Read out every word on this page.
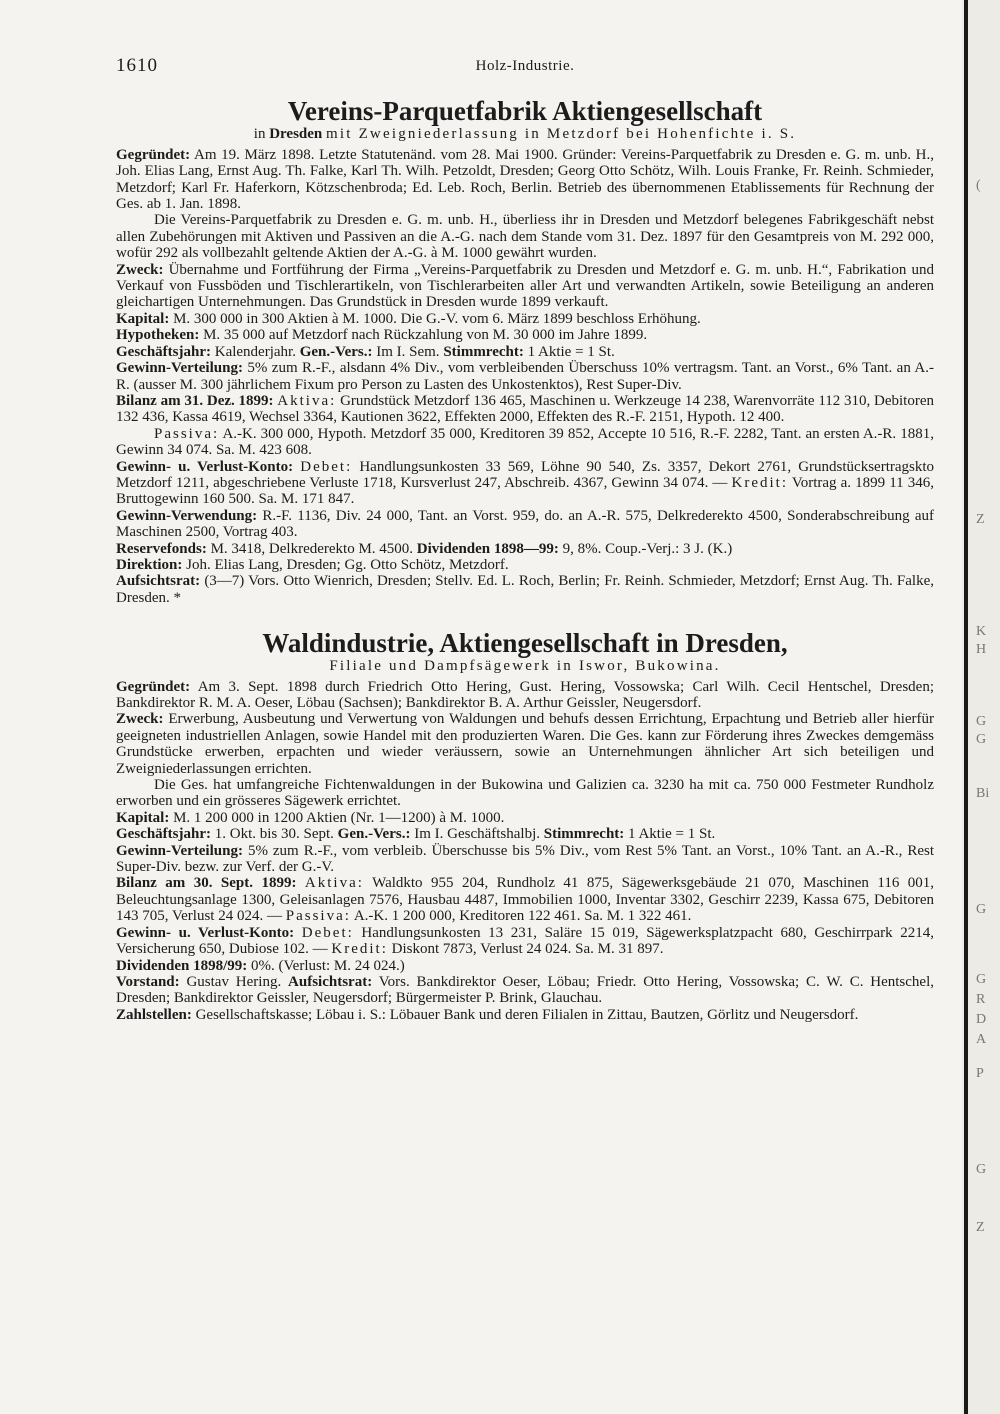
(
Z
K
H
G
G
Bi
G
G
R
D
A
P
G
Z
1610	Holz-Industrie.
Vereins-Parquetfabrik Aktiengesellschaft

in Dresden mit Zweigniederlassung in Metzdorf bei Hohenfichte i. S.

Gegründet: Am 19. März 1898. Letzte Statutenänd. vom 28. Mai 1900. Gründer: Vereins-Parquetfabrik zu Dresden e. G. m. unb. H., Joh. Elias Lang, Ernst Aug. Th. Falke, Karl Th. Wilh. Petzoldt, Dresden; Georg Otto Schötz, Wilh. Louis Franke, Fr. Reinh. Schmieder, Metzdorf; Karl Fr. Haferkorn, Kötzschenbroda; Ed. Leb. Roch, Berlin. Betrieb des übernommenen Etablissements für Rechnung der Ges. ab 1. Jan. 1898.

Die Vereins-Parquetfabrik zu Dresden e. G. m. unb. H., überliess ihr in Dresden und Metzdorf belegenes Fabrikgeschäft nebst allen Zubehörungen mit Aktiven und Passiven an die A.-G. nach dem Stande vom 31. Dez. 1897 für den Gesamtpreis von M. 292 000, wofür 292 als vollbezahlt geltende Aktien der A.-G. à M. 1000 gewährt wurden.

Zweck: Übernahme und Fortführung der Firma „Vereins-Parquetfabrik zu Dresden und Metzdorf e. G. m. unb. H.“, Fabrikation und Verkauf von Fussböden und Tischlerartikeln, von Tischlerarbeiten aller Art und verwandten Artikeln, sowie Beteiligung an anderen gleichartigen Unternehmungen. Das Grundstück in Dresden wurde 1899 verkauft.

Kapital: M. 300 000 in 300 Aktien à M. 1000. Die G.-V. vom 6. März 1899 beschloss Erhöhung.

Hypotheken: M. 35 000 auf Metzdorf nach Rückzahlung von M. 30 000 im Jahre 1899.

Geschäftsjahr: Kalenderjahr. Gen.-Vers.: Im I. Sem. Stimmrecht: 1 Aktie = 1 St.

Gewinn-Verteilung: 5% zum R.-F., alsdann 4% Div., vom verbleibenden Überschuss 10% vertragsm. Tant. an Vorst., 6% Tant. an A.-R. (ausser M. 300 jährlichem Fixum pro Person zu Lasten des Unkostenktos), Rest Super-Div.

Bilanz am 31. Dez. 1899: Aktiva: Grundstück Metzdorf 136 465, Maschinen u. Werkzeuge 14 238, Warenvorräte 112 310, Debitoren 132 436, Kassa 4619, Wechsel 3364, Kautionen 3622, Effekten 2000, Effekten des R.-F. 2151, Hypoth. 12 400.

Passiva: A.-K. 300 000, Hypoth. Metzdorf 35 000, Kreditoren 39 852, Accepte 10 516, R.-F. 2282, Tant. an ersten A.-R. 1881, Gewinn 34 074. Sa. M. 423 608.

Gewinn- u. Verlust-Konto: Debet: Handlungsunkosten 33 569, Löhne 90 540, Zs. 3357, Dekort 2761, Grundstücksertragskto Metzdorf 1211, abgeschriebene Verluste 1718, Kursverlust 247, Abschreib. 4367, Gewinn 34 074. — Kredit: Vortrag a. 1899 11 346, Bruttogewinn 160 500. Sa. M. 171 847.

Gewinn-Verwendung: R.-F. 1136, Div. 24 000, Tant. an Vorst. 959, do. an A.-R. 575, Delkrederekto 4500, Sonderabschreibung auf Maschinen 2500, Vortrag 403.

Reservefonds: M. 3418, Delkrederekto M. 4500. Dividenden 1898—99: 9, 8%. Coup.-Verj.: 3 J. (K.)

Direktion: Joh. Elias Lang, Dresden; Gg. Otto Schötz, Metzdorf.

Aufsichtsrat: (3—7) Vors. Otto Wienrich, Dresden; Stellv. Ed. L. Roch, Berlin; Fr. Reinh. Schmieder, Metzdorf; Ernst Aug. Th. Falke, Dresden. *

Waldindustrie, Aktiengesellschaft in Dresden,

Filiale und Dampfsägewerk in Iswor, Bukowina.

Gegründet: Am 3. Sept. 1898 durch Friedrich Otto Hering, Gust. Hering, Vossowska; Carl Wilh. Cecil Hentschel, Dresden; Bankdirektor R. M. A. Oeser, Löbau (Sachsen); Bankdirektor B. A. Arthur Geissler, Neugersdorf.

Zweck: Erwerbung, Ausbeutung und Verwertung von Waldungen und behufs dessen Errichtung, Erpachtung und Betrieb aller hierfür geeigneten industriellen Anlagen, sowie Handel mit den produzierten Waren. Die Ges. kann zur Förderung ihres Zweckes demgemäss Grundstücke erwerben, erpachten und wieder veräussern, sowie an Unternehmungen ähnlicher Art sich beteiligen und Zweigniederlassungen errichten.

Die Ges. hat umfangreiche Fichtenwaldungen in der Bukowina und Galizien ca. 3230 ha mit ca. 750 000 Festmeter Rundholz erworben und ein grösseres Sägewerk errichtet.

Kapital: M. 1 200 000 in 1200 Aktien (Nr. 1—1200) à M. 1000.

Geschäftsjahr: 1. Okt. bis 30. Sept. Gen.-Vers.: Im I. Geschäftshalbj. Stimmrecht: 1 Aktie = 1 St.

Gewinn-Verteilung: 5% zum R.-F., vom verbleib. Überschusse bis 5% Div., vom Rest 5% Tant. an Vorst., 10% Tant. an A.-R., Rest Super-Div. bezw. zur Verf. der G.-V.

Bilanz am 30. Sept. 1899: Aktiva: Waldkto 955 204, Rundholz 41 875, Sägewerksgebäude 21 070, Maschinen 116 001, Beleuchtungsanlage 1300, Geleisanlagen 7576, Hausbau 4487, Immobilien 1000, Inventar 3302, Geschirr 2239, Kassa 675, Debitoren 143 705, Verlust 24 024. — Passiva: A.-K. 1 200 000, Kreditoren 122 461. Sa. M. 1 322 461.

Gewinn- u. Verlust-Konto: Debet: Handlungsunkosten 13 231, Saläre 15 019, Sägewerksplatzpacht 680, Geschirrpark 2214, Versicherung 650, Dubiose 102. — Kredit: Diskont 7873, Verlust 24 024. Sa. M. 31 897.

Dividenden 1898/99: 0%. (Verlust: M. 24 024.)

Vorstand: Gustav Hering. Aufsichtsrat: Vors. Bankdirektor Oeser, Löbau; Friedr. Otto Hering, Vossowska; C. W. C. Hentschel, Dresden; Bankdirektor Geissler, Neugersdorf; Bürgermeister P. Brink, Glauchau.

Zahlstellen: Gesellschaftskasse; Löbau i. S.: Löbauer Bank und deren Filialen in Zittau, Bautzen, Görlitz und Neugersdorf.
